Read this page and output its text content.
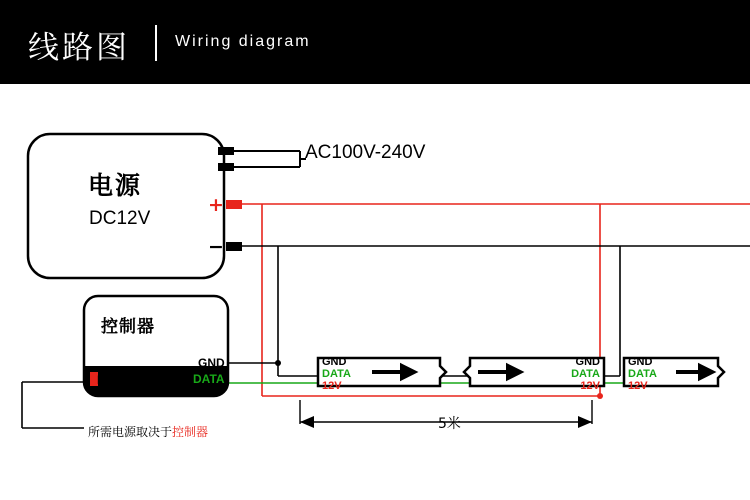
线路图	Wiring diagram
电源
DC12V
+
−
AC100V-240V
控制器
POWER
GND
DATA
GND
DATA
12V
GND
DATA
12V
GND
DATA
12V
5米
所需电源取决于控制器
